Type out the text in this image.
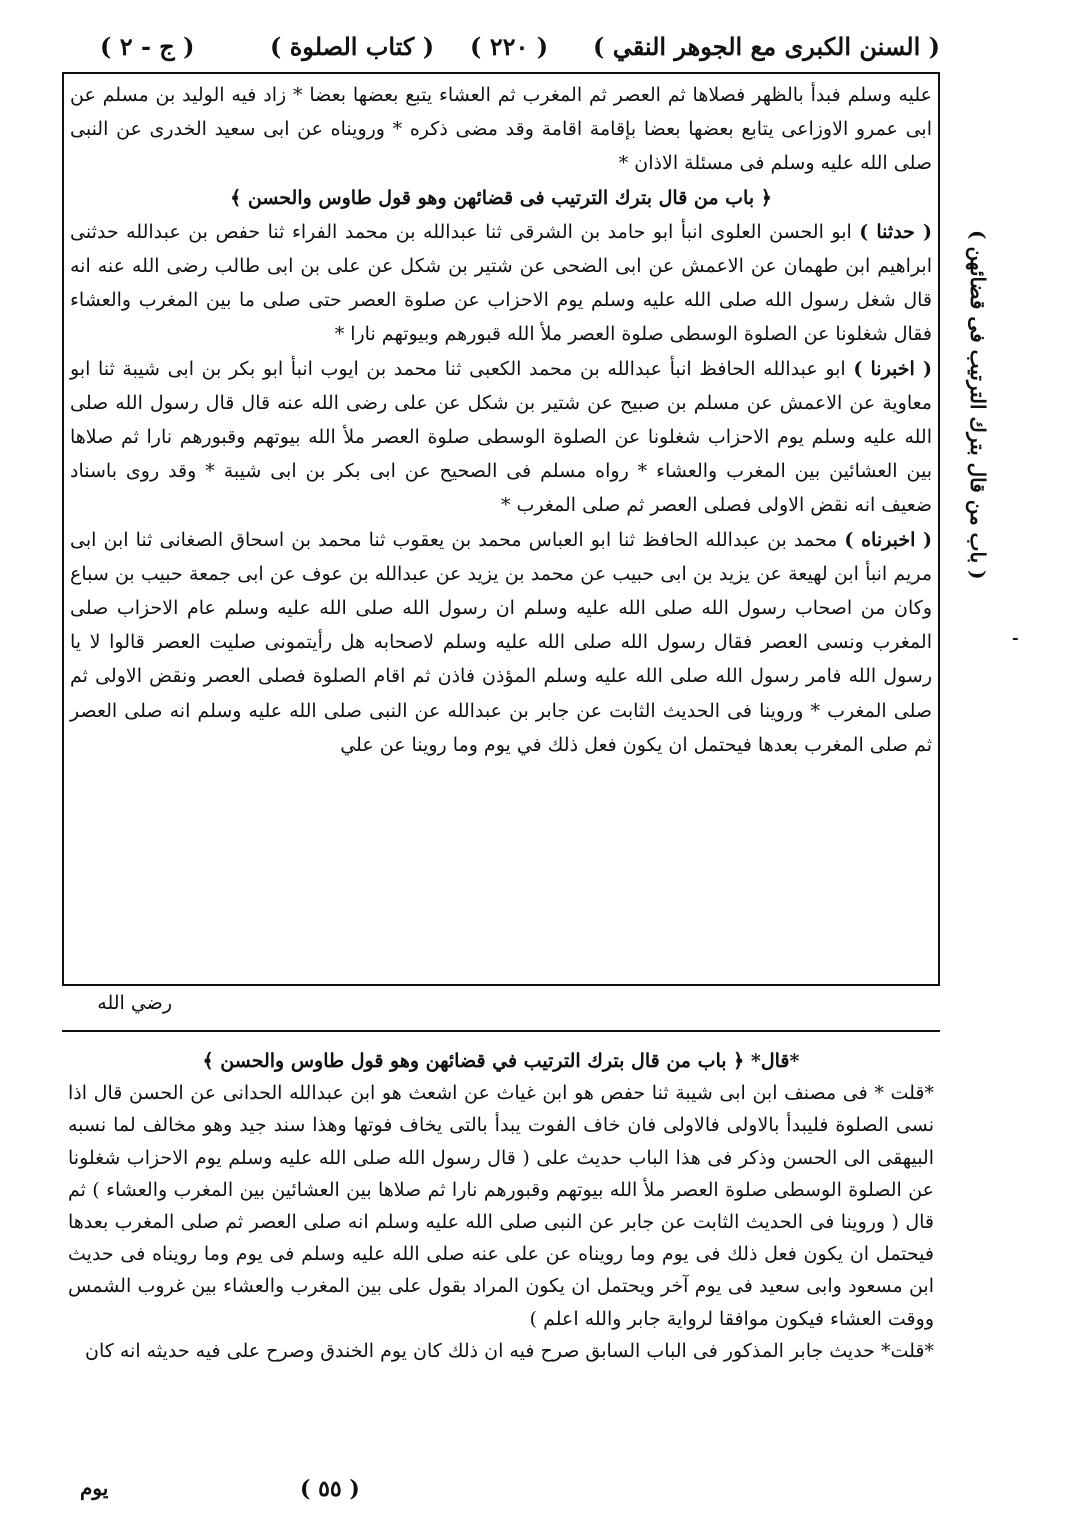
( السنن الكبرى مع الجوهر النقي )
( ٢٢٠ )
( كتاب الصلوة )
( ج - ٢ )

عليه وسلم فبدأ بالظهر فصلاها ثم العصر ثم المغرب ثم العشاء يتبع بعضها بعضا * زاد فيه الوليد بن مسلم عن ابى عمرو الاوزاعى يتابع بعضها بعضا بإقامة اقامة وقد مضى ذكره * ورويناه عن ابى سعيد الخدرى عن النبى صلى الله عليه وسلم فى مسئلة الاذان *

﴿ باب من قال بترك الترتيب فى قضائهن وهو قول طاوس والحسن ﴾

( حدثنا ) ابو الحسن العلوى انبأ ابو حامد بن الشرقى ثنا عبدالله بن محمد الفراء ثنا حفص بن عبدالله حدثنى ابراهيم ابن طهمان عن الاعمش عن ابى الضحى عن شتير بن شكل عن على بن ابى طالب رضى الله عنه انه قال شغل رسول الله صلى الله عليه وسلم يوم الاحزاب عن صلوة العصر حتى صلى ما بين المغرب والعشاء فقال شغلونا عن الصلوة الوسطى صلوة العصر ملأ الله قبورهم وبيوتهم نارا *

( اخبرنا ) ابو عبدالله الحافظ انبأ عبدالله بن محمد الكعبى ثنا محمد بن ايوب انبأ ابو بكر بن ابى شيبة ثنا ابو معاوية عن الاعمش عن مسلم بن صبيح عن شتير بن شكل عن على رضى الله عنه قال قال رسول الله صلى الله عليه وسلم يوم الاحزاب شغلونا عن الصلوة الوسطى صلوة العصر ملأ الله بيوتهم وقبورهم نارا ثم صلاها بين العشائين بين المغرب والعشاء * رواه مسلم فى الصحيح عن ابى بكر بن ابى شيبة * وقد روى باسناد ضعيف انه نقض الاولى فصلى العصر ثم صلى المغرب *

( اخبرناه ) محمد بن عبدالله الحافظ ثنا ابو العباس محمد بن يعقوب ثنا محمد بن اسحاق الصغانى ثنا ابن ابى مريم انبأ ابن لهيعة عن يزيد بن ابى حبيب عن محمد بن يزيد عن عبدالله بن عوف عن ابى جمعة حبيب بن سباع وكان من اصحاب رسول الله صلى الله عليه وسلم ان رسول الله صلى الله عليه وسلم عام الاحزاب صلى المغرب ونسى العصر فقال رسول الله صلى الله عليه وسلم لاصحابه هل رأيتمونى صليت العصر قالوا لا يا رسول الله فامر رسول الله صلى الله عليه وسلم المؤذن فاذن ثم اقام الصلوة فصلى العصر ونقض الاولى ثم صلى المغرب * وروينا فى الحديث الثابت عن جابر بن عبدالله عن النبى صلى الله عليه وسلم انه صلى العصر ثم صلى المغرب بعدها فيحتمل ان يكون فعل ذلك في يوم وما روينا عن علي

( باب من قال بترك الترتيب فى قضائهن )
-
رضي الله

*قال* ﴿ باب من قال بترك الترتيب في قضائهن وهو قول طاوس والحسن ﴾

*قلت * فى مصنف ابن ابى شيبة ثنا حفص هو ابن غياث عن اشعث هو ابن عبدالله الحدانى عن الحسن قال اذا نسى الصلوة فليبدأ بالاولى فالاولى فان خاف الفوت يبدأ بالتى يخاف فوتها وهذا سند جيد وهو مخالف لما نسبه البيهقى الى الحسن وذكر فى هذا الباب حديث على ( قال رسول الله صلى الله عليه وسلم يوم الاحزاب شغلونا عن الصلوة الوسطى صلوة العصر ملأ الله بيوتهم وقبورهم نارا ثم صلاها بين العشائين بين المغرب والعشاء ) ثم قال ( وروينا فى الحديث الثابت عن جابر عن النبى صلى الله عليه وسلم انه صلى العصر ثم صلى المغرب بعدها فيحتمل ان يكون فعل ذلك فى يوم وما رويناه عن على عنه صلى الله عليه وسلم فى يوم وما رويناه فى حديث ابن مسعود وابى سعيد فى يوم آخر ويحتمل ان يكون المراد بقول على بين المغرب والعشاء بين غروب الشمس ووقت العشاء فيكون موافقا لرواية جابر والله اعلم )

*قلت* حديث جابر المذكور فى الباب السابق صرح فيه ان ذلك كان يوم الخندق وصرح على فيه حديثه انه كان

يوم	( ٥٥ )
